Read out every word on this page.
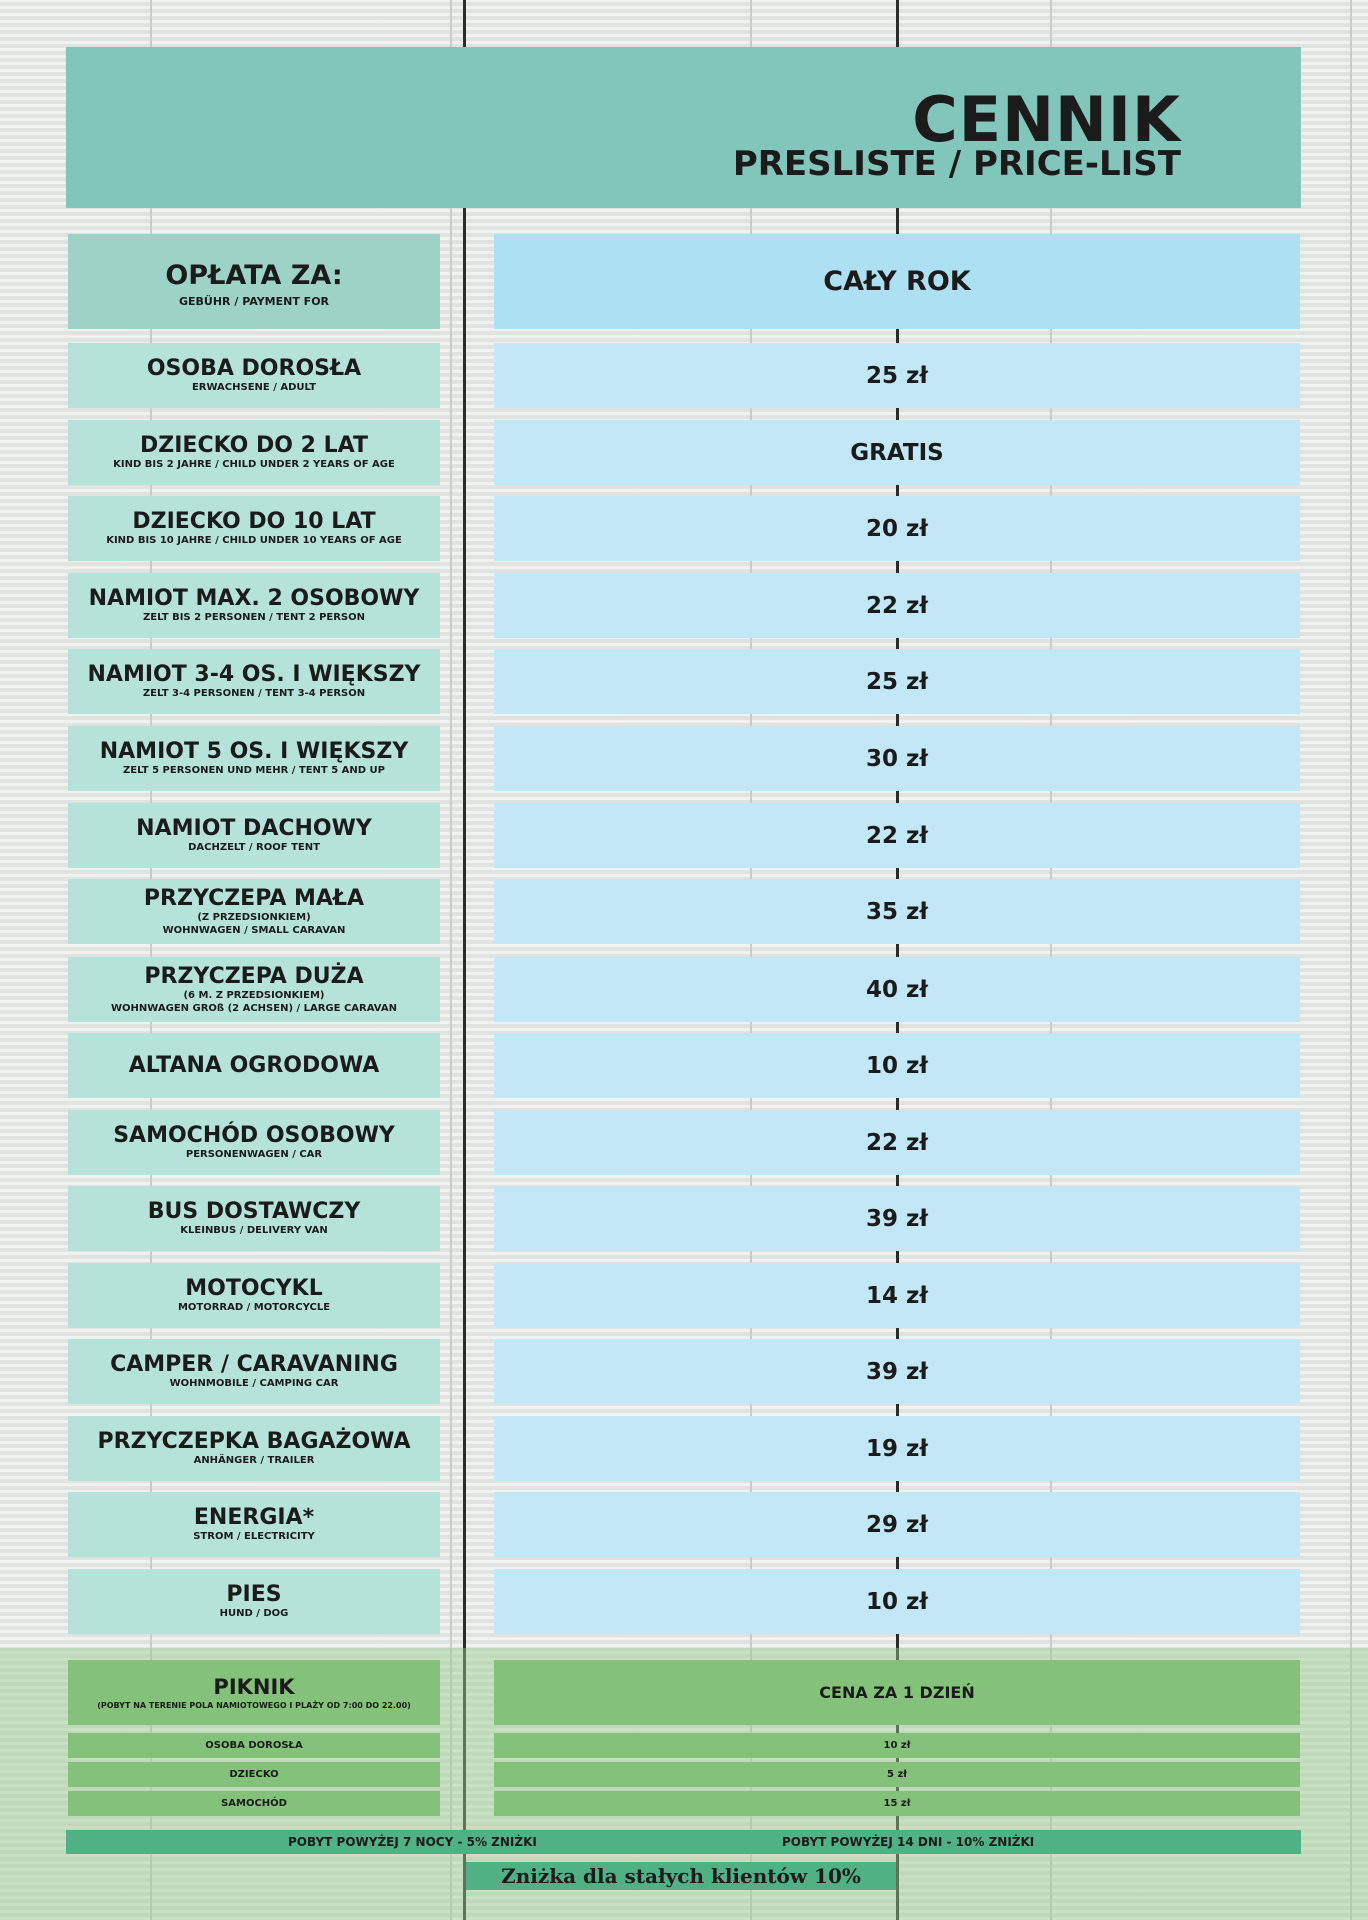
CENNIK
PRESLISTE / PRICE-LIST
OPŁATA ZA:
GEBÜHR / PAYMENT FOR
CAŁY ROK
OSOBA DOROSŁA
ERWACHSENE / ADULT	25 zł
DZIECKO DO 2 LAT
KIND BIS 2 JAHRE / CHILD UNDER 2 YEARS OF AGE	GRATIS
DZIECKO DO 10 LAT
KIND BIS 10 JAHRE / CHILD UNDER 10 YEARS OF AGE	20 zł
NAMIOT MAX. 2 OSOBOWY
ZELT BIS 2 PERSONEN / TENT 2 PERSON	22 zł
NAMIOT 3-4 OS. I WIĘKSZY
ZELT 3-4 PERSONEN / TENT 3-4 PERSON	25 zł
NAMIOT 5 OS. I WIĘKSZY
ZELT 5 PERSONEN UND MEHR / TENT 5 AND UP	30 zł
NAMIOT DACHOWY
DACHZELT / ROOF TENT	22 zł
PRZYCZEPA MAŁA
(Z PRZEDSIONKIEM)
WOHNWAGEN / SMALL CARAVAN
35 zł
PRZYCZEPA DUŻA
(6 M. Z PRZEDSIONKIEM)
WOHNWAGEN GROß (2 ACHSEN) / LARGE CARAVAN
40 zł
ALTANA OGRODOWA	10 zł
SAMOCHÓD OSOBOWY
PERSONENWAGEN / CAR	22 zł
BUS DOSTAWCZY
KLEINBUS / DELIVERY VAN	39 zł
MOTOCYKL
MOTORRAD / MOTORCYCLE	14 zł
CAMPER / CARAVANING
WOHNMOBILE / CAMPING CAR	39 zł
PRZYCZEPKA BAGAŻOWA
ANHÄNGER / TRAILER	19 zł
ENERGIA*
STROM / ELECTRICITY	29 zł
PIES
HUND / DOG	10 zł
PIKNIK
(POBYT NA TERENIE POLA NAMIOTOWEGO I PLAŻY OD 7:00 DO 22.00)
CENA ZA 1 DZIEŃ
OSOBA DOROSŁA	10 zł
DZIECKO	5 zł
SAMOCHÓD	15 zł
POBYT POWYŻEJ 7 NOCY - 5% ZNIŻKI	POBYT POWYŻEJ 14 DNI - 10% ZNIŻKI
Zniżka dla stałych klientów 10%
